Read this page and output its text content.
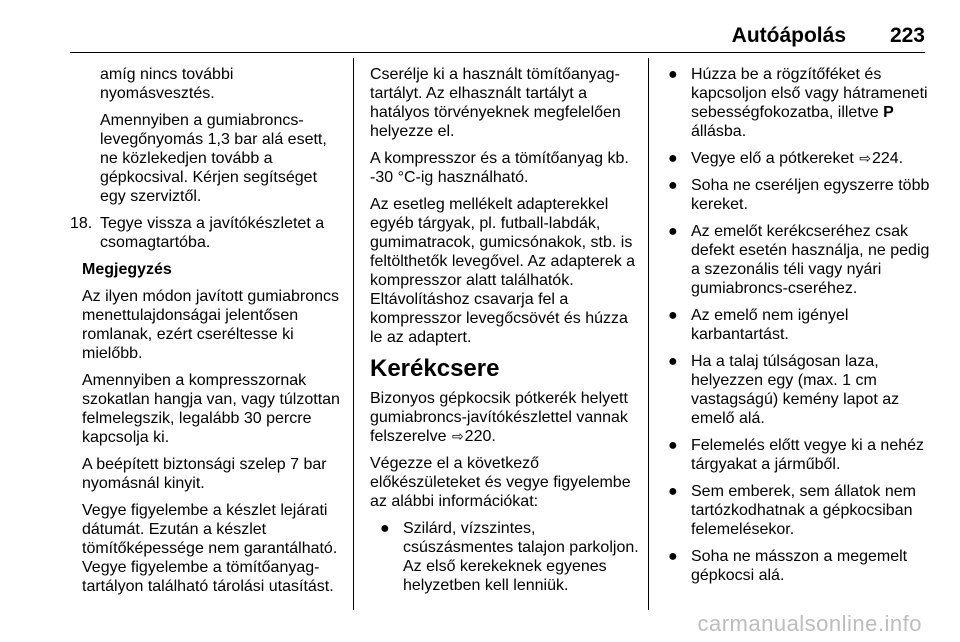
Autóápolás 223

amíg nincs további nyomásvesztés.

Amennyiben a gumiabroncs-levegőnyomás 1,3 bar alá esett, ne közlekedjen tovább a gépkocsival. Kérjen segítséget egy szerviztől.

18. Tegye vissza a javítókészletet a csomagtartóba.

Megjegyzés

Az ilyen módon javított gumiabroncs menettulajdonságai jelentősen romlanak, ezért cseréltesse ki mielőbb.

Amennyiben a kompresszornak szokatlan hangja van, vagy túlzottan felmelegszik, legalább 30 percre kapcsolja ki.

A beépített biztonsági szelep 7 bar nyomásnál kinyit.

Vegye figyelembe a készlet lejárati dátumát. Ezután a készlet tömítőképessége nem garantálható. Vegye figyelembe a tömítőanyag-tartályon található tárolási utasítást.

Cserélje ki a használt tömítőanyag-tartályt. Az elhasznált tartályt a hatályos törvényeknek megfelelően helyezze el.

A kompresszor és a tömítőanyag kb. -30 °C-ig használható.

Az esetleg mellékelt adapterekkel egyéb tárgyak, pl. futball-labdák, gumimatracok, gumicsónakok, stb. is feltölthetők levegővel. Az adapterek a kompresszor alatt találhatók. Eltávolításhoz csavarja fel a kompresszor levegőcsövét és húzza le az adaptert.

Kerékcsere

Bizonyos gépkocsik pótkerék helyett gumiabroncs-javítókészlettel vannak felszerelve ⇨220.

Végezze el a következő előkészületeket és vegye figyelembe az alábbi információkat:

● Szilárd, vízszintes, csúszásmentes talajon parkoljon. Az első kerekeknek egyenes helyzetben kell lenniük.
● Húzza be a rögzítőféket és kapcsoljon első vagy hátrameneti sebességfokozatba, illetve P állásba.
● Vegye elő a pótkereket ⇨224.
● Soha ne cseréljen egyszerre több kereket.
● Az emelőt kerékcseréhez csak defekt esetén használja, ne pedig a szezonális téli vagy nyári gumiabroncs-cseréhez.
● Az emelő nem igényel karbantartást.
● Ha a talaj túlságosan laza, helyezzen egy (max. 1 cm vastagságú) kemény lapot az emelő alá.
● Felemelés előtt vegye ki a nehéz tárgyakat a járműből.
● Sem emberek, sem állatok nem tartózkodhatnak a gépkocsiban felemelésekor.
● Soha ne másszon a megemelt gépkocsi alá.
carmanualsonline.info
